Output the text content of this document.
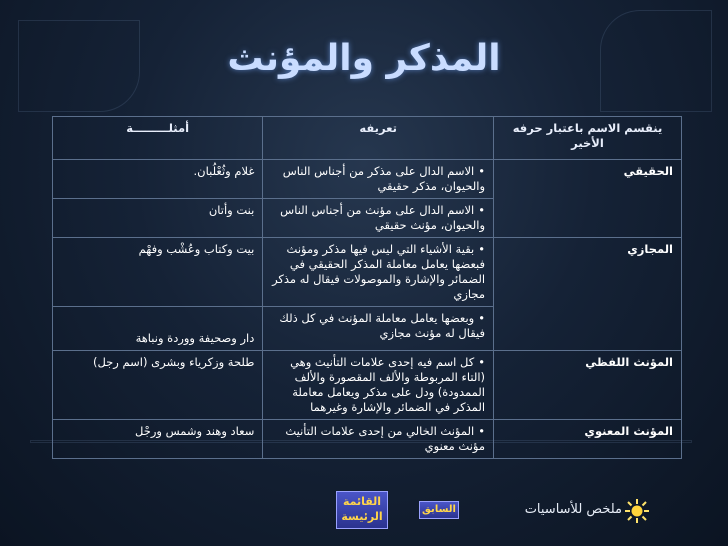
المذكر والمؤنث
ينقسم الاسم باعتبار حرفه الأخير	تعريفه	أمثلـــــــــة
الحقيقي	• الاسم الدال على مذكر من أجناس الناس والحيوان، مذكر حقيقي	غلام وثُعْلُبان.
	• الاسم الدال على مؤنث من أجناس الناس والحيوان، مؤنث حقيقي	بنت وأتان
المجازي	• بقية الأشياء التي ليس فيها مذكر ومؤنث فبعضها يعامل معاملة المذكر الحقيقي في الضمائر والإشارة والموصولات فيقال له مذكر مجازي	بيت وكتاب وعُشْب وفهْم
	• وبعضها يعامل معاملة المؤنث في كل ذلك فيقال له مؤنث مجازي	دار وصحيفة ووردة ونباهة
المؤنث اللفظي	• كل اسم فيه إحدى علامات التأنيث وهي (التاء المربوطة والألف المقصورة والألف الممدودة) ودل على مذكر ويعامل معاملة المذكر في الضمائر والإشارة وغيرهما	طلحة وزكرياء وبشرى (اسم رجل)
المؤنث المعنوي	• المؤنث الخالي من إحدى علامات التأنيث مؤنث معنوي	سعاد وهند وشمس ورجْل
القائمة الرئيسة
السابق	ملخص للأساسيات
